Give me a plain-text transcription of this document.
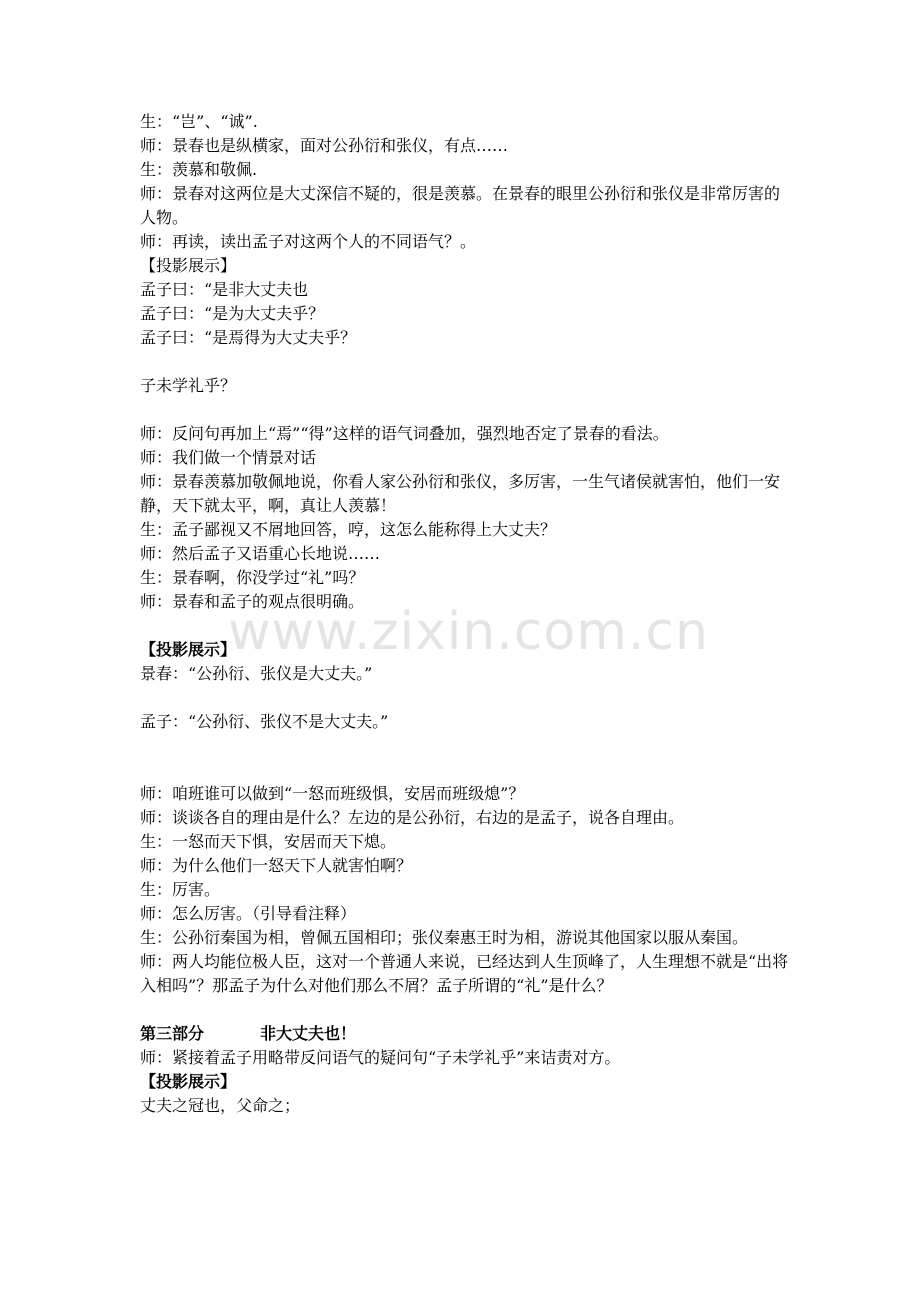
www.zixin.com.cn
生：“岂”、“诚”.
师：景春也是纵横家，面对公孙衍和张仪，有点……
生：羡慕和敬佩.
师：景春对这两位是大丈深信不疑的，很是羡慕。在景春的眼里公孙衍和张仪是非常厉害的人物。
师：再读，读出孟子对这两个人的不同语气？。
【投影展示】
孟子曰：“是非大丈夫也
孟子曰：“是为大丈夫乎？
孟子曰：“是焉得为大丈夫乎？
子未学礼乎？
师：反问句再加上“焉”“得”这样的语气词叠加，强烈地否定了景春的看法。
师：我们做一个情景对话
师：景春羡慕加敬佩地说，你看人家公孙衍和张仪，多厉害，一生气诸侯就害怕，他们一安静，天下就太平，啊，真让人羡慕！
生：孟子鄙视又不屑地回答，哼，这怎么能称得上大丈夫？
师：然后孟子又语重心长地说……
生：景春啊，你没学过“礼”吗？
师：景春和孟子的观点很明确。
【投影展示】
景春：“公孙衍、张仪是大丈夫。”
孟子：“公孙衍、张仪不是大丈夫。”
师：咱班谁可以做到“一怒而班级惧，安居而班级熄”？
师：谈谈各自的理由是什么？左边的是公孙衍，右边的是孟子，说各自理由。
生：一怒而天下惧，安居而天下熄。
师：为什么他们一怒天下人就害怕啊？
生：厉害。
师：怎么厉害。（引导看注释）
生：公孙衍秦国为相，曾佩五国相印；张仪秦惠王时为相，游说其他国家以服从秦国。
师：两人均能位极人臣，这对一个普通人来说，已经达到人生顶峰了，人生理想不就是“出将入相吗”？那孟子为什么对他们那么不屑？孟子所谓的“礼”是什么？
第三部分	非大丈夫也！
师：紧接着孟子用略带反问语气的疑问句“子未学礼乎”来诘责对方。
【投影展示】
丈夫之冠也，父命之；
